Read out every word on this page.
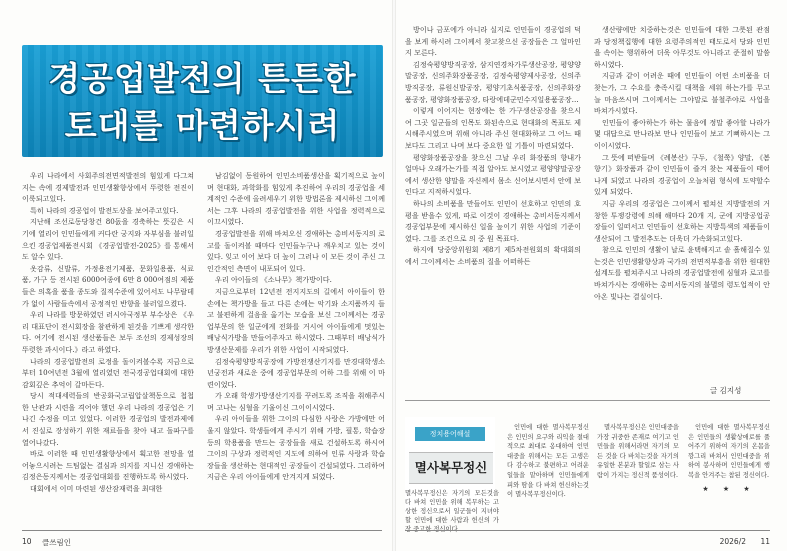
경공업발전의 튼튼한
토대를 마련하시려

우리 나라에서 사회주의전면적발전의 힘있게 다그쳐지는 속에 경제발전과 인민생활향상에서 뚜렷한 전진이 이룩되고있다.

특히 나라의 경공업이 발전도상을 보여주고있다.

지난해 조선로동당창건 80돐을 경축하는 뜻깊은 시기에 열리어 인민들에게 커다란 궁지와 자부심을 불러일으킨 경공업제품전시회 《경공업발전-2025》를 통해서도 알수 있다.

옷감류, 신발류, 가정용전기제품, 문화일용품, 식료품, 가구 등 전시된 6000여종에 6만 8 000여점의 제품들은 의혹을 품을 종도와 질적수준에 있어서도 나무랄데가 없이 사람들속에서 공정적인 반향을 불러일으켰다.

우리 나라를 방문하였던 러시아국정부 부수상은 《우리 대표단이 전시회장을 참관하게 된것을 기쁘게 생각한다. 여기에 전시된 생산품들은 보두 조선의 경제성장의 뚜렷한 과시이다.》라고 하였다.

나라의 경공업발전의 로정을 돌이켜볼수록 지금으로부터 10여년전 3월에 열리였던 전국경공업대회에 대한 감회깊은 추억이 갈마든다.

당시 적대세력들의 반공화국고립압살책동으로 첩첩한 난관과 시련을 격어야 했던 우리 나라의 경공업은 기나긴 수정을 미고 있었다. 이러한 경공업의 발전과제에서 진실로 장성하기 위한 재료들을 찾아 내고 돌파구를 열어나갔다.

바로 이러한 때 인민생활향상에서 획고한 전망을 열어놓으시려는 드팀없는 결심과 의지를 지니신 경애하는 김정은동지께서는 경공업대회를 진행하도록 하시였다.

대회에서 이미 마련된 생산잠재력을 최대한

남김없이 동원하여 인민소비품생산을 획기적으로 높이며 현대화, 과학화를 힘있게 추진하여 우리의 경공업을 세계적인 수준에 올려세우기 위한 방법론을 제시하신 그이께서는 그후 나라의 경공업발전을 위한 사업을 정력적으로 이끄시였다.

경공업발전을 위해 바쳐오신 경애하는 총비서동지의 로고를 돌이켜볼 때마다 인민들누구나 깨우치고 있는 것이 있다. 잊고 이어 보다 더 높이 그러나 이 모든 것이 주신 그 인간적인 측면이 내포되어 있다.

우리 아이들의 《소나무》책가방이다.

지금으로부터 12년전 전지지도의 길에서 아이들이 한손에는 책가방을 들고 다른 손에는 악기와 소지품까지 들고 불편하게 걸음을 옮기는 모습을 보신 그이께서는 경공업부문의 한 일군에게 전화를 거시여 아이들에게 멋있는 배낭식가방을 만들어주자고 하시였다. 그때부터 배낭식가방생산문제를 우리가 위한 사업이 시작되였다.

김정숙평양방직공장에 가방전쟁산기지를 만경대학생소년궁전과 새로운 중에 경공업부문의 어하 그를 위해 이 마련이었다.

가 오래 학생가방생산기지를 꾸려도록 조직을 취해주시며 고나는 심혈을 기울이신 그이이시였다.

우리 아이들을 위한 그이의 다심한 사랑은 가방에만 어울지 않았다. 학생들에게 주시기 위해 가방, 필통, 학습장 등의 학용품을 만드는 공장들을 새로 건설하도록 하시여 그이의 구상과 정력적인 지도에 의하여 인류 사랑과 학습장들을 생산하는 현대적인 공장들이 건설되였다. 그리하여 지금은 우리 아이들에게 안겨지게 되였다.

방이나 금포에가 아니라 실지로 인민들이 경공업의 덕을 보게 하시려 그이께서 찾고찾으신 공장들은 그 얼마인지 모른다.

김정숙평양방직공장, 삼지연경차가루생산공장, 평양양말공장, 신의주화장품공장, 김정숙평양제사공장, 신의주방직공장, 류원신발공장, 평양기초식품공장, 신의주화장품공장, 평양화장품공장, 타랑에데군민수지일용품공장…

이렇게 이어지는 현장에는 한 가구생산공장을 찾으시여 그곳 일군들의 인목도 화된속으로 현대화의 목표도 제시해주시였으며 위해 아니라 주신 현대화하고 그 어느 때보다도 그리고 나며 보다 중요한 일 기틀이 마련되였다.

평양화장품공장을 찾으신 그날 우리 화장품의 향내가 얼마나 오래가는가를 직접 알아도 보시였고 평양양말공장에서 생산한 양말을 자신께서 몸소 신어보시면서 안에 보인다고 지적하시었다.

하나의 소비품을 만들어도 인민이 선호하고 인민의 호평을 받을수 있게, 따로 이것이 경애하는 총비서동지께서 경공업부문에 제시하신 일을 높이기 위한 사업의 기준이였다. 그를 조건으로 의 중 원 목표다.

하지에 당중앙위원회 제8기 제5차전원회의 확대회의에서 그이께서는 소비품의 질을 어떠하든

생산량에만 치중하는것은 인민들에 대한 그릇된 관점과 당정책집행에 대한 요령주의적인 태도로서 당와 인민을 속이는 행위하여 더욱 아무것도 아니라고 준절히 말씀하시였다.

지금과 같이 어려운 때에 인민들이 어떤 소비품을 더 찾는가, 그 수요를 충족시킬 대책을 세워 하는가를 무고 늘 마음쓰시며 그이께서는 그야말로 불철주야로 사업을 바쳐가시였다.

인민들이 좋아하는가 하는 물음에 정말 좋아할 나라가 몇 대답으로 만나라보 만나 인민들이 보고 기뻐하시는 그이이시였다.

그 뜻에 떠받들며 《례봉산》구두, 《철쭉》양말, 《봄향기》화장품과 같이 인민들이 즐겨 찾는 제품들이 태어나게 되였고 나라의 경공업이 오늘처럼 형식에 도약할수 있게 되였다.

지금 우리의 경공업은 그이께서 펼쳐신 지방발전의 거창한 투쟁강령에 의해 해마다 20개 지, 군에 지방공업공장들이 일떠서고 인민들이 선호하는 지방특색의 제품들이 생산되어 그 발전추도는 더욱더 가속화되고있다.

참으로 인민의 생활이 날로 윤택해지고 솥 흘해질수 있는것은 인민생활향상과 국가의 전면적부흥을 위한 원대한 설계도를 펼쳐주시고 나라의 경공업발전에 심혈과 로고를 바쳐가시는 경애하는 총비서동지의 불멸의 령도업적이 안아온 빛나는 결실이다.

글 김지성
정치용어해설
멸사복무정신
멸사복무정신은 자기의 모든것을 다 바쳐 인민을 위해 복무하는 고상한 정신으로서 일군들이 지녀야 할 인민에 대한 사람과 헌신의 가장 중고한 정신이다.

인민에 대한 멸사복무정신은 인민의 요구와 리익을 절대적으로 최대로 옹대하여 인민대중을 위해서는 모든 고생은 다 감수하고 불편하고 어려운 일들을 맡아하며 인민들에게 피와 땀을 다 바쳐 헌신하는것이 멸사복무정신이다.

멸사복무정신은 인민대중을 가장 귀중한 존재로 여기고 인민들을 위해서라면 자기의 모든 것을 다 바치는것을 자기의 유일한 본분과 할일로 삼는 사람이 가지는 정신적 품성이다.

인민에 대한 멸사복무정신은 인민들의 생활상애로를 풀어주기 위하여 자기의 온몸을 깡그리 바쳐서 인민대중을 위하여 봉사하며 인민들에게 행복을 안겨주는 참된 정신이다.

★ ★ ★
10 클쓰림인	2026/2 11
